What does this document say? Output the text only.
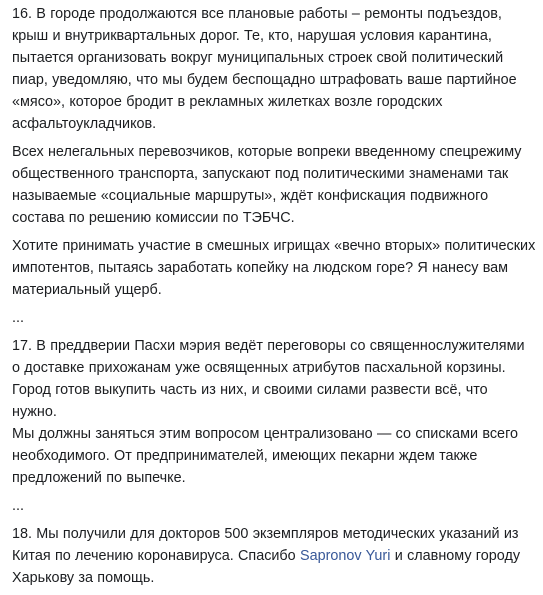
16. В городе продолжаются все плановые работы – ремонты подъездов, крыш и внутриквартальных дорог. Те, кто, нарушая условия карантина, пытается организовать вокруг муниципальных строек свой политический пиар, уведомляю, что мы будем беспощадно штрафовать ваше партийное «мясо», которое бродит в рекламных жилетках возле городских асфальтоукладчиков.

Всех нелегальных перевозчиков, которые вопреки введенному спецрежиму общественного транспорта, запускают под политическими знаменами так называемые «социальные маршруты», ждёт конфискация подвижного состава по решению комиссии по ТЭБЧС.

Хотите принимать участие в смешных игрищах «вечно вторых» политических импотентов, пытаясь заработать копейку на людском горе? Я нанесу вам материальный ущерб.

...

17. В преддверии Пасхи мэрия ведёт переговоры со священнослужителями о доставке прихожанам уже освященных атрибутов пасхальной корзины. Город готов выкупить часть из них, и своими силами развести всё, что нужно.
Мы должны заняться этим вопросом централизовано — со списками всего необходимого. От предпринимателей, имеющих пекарни ждем также предложений по выпечке.

...

18. Мы получили для докторов 500 экземпляров методических указаний из Китая по лечению коронавируса. Спасибо Sapronov Yuri и славному городу Харькову за помощь.
